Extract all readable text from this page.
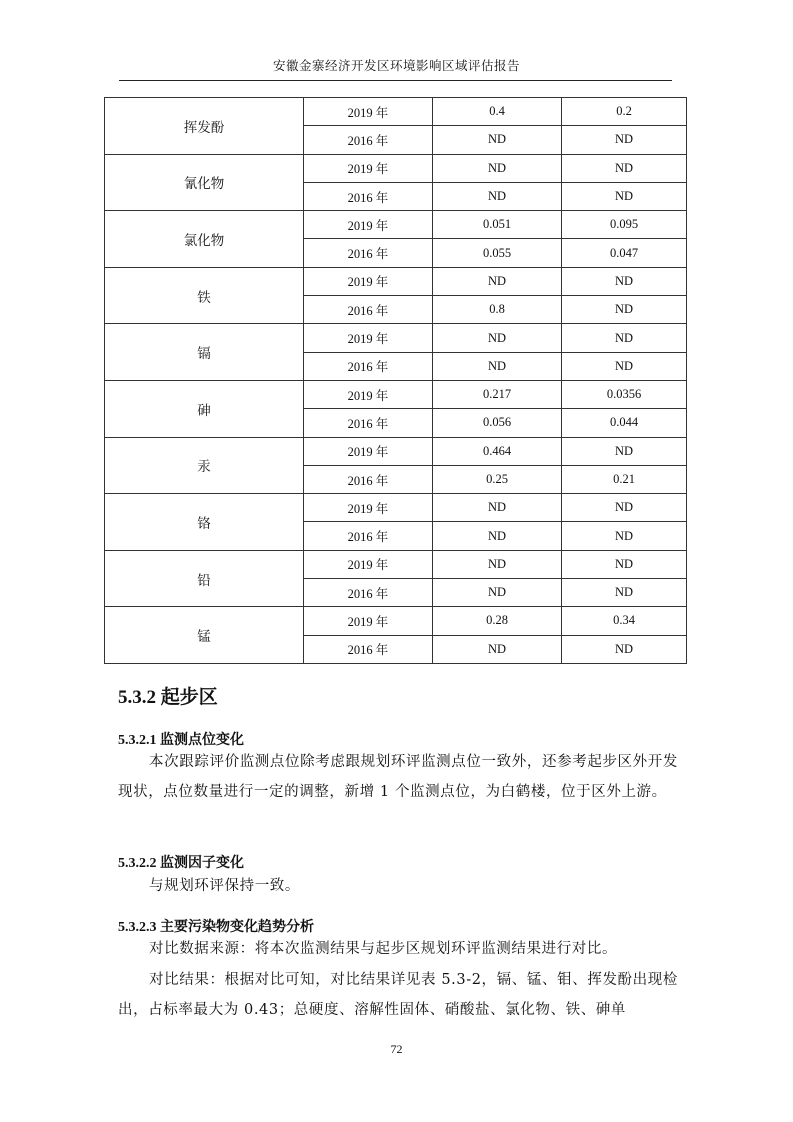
安徽金寨经济开发区环境影响区域评估报告
挥发酚	2019 年	0.4	0.2
	2016 年	ND	ND
氰化物	2019 年	ND	ND
	2016 年	ND	ND
氯化物	2019 年	0.051	0.095
	2016 年	0.055	0.047
铁	2019 年	ND	ND
	2016 年	0.8	ND
镉	2019 年	ND	ND
	2016 年	ND	ND
砷	2019 年	0.217	0.0356
	2016 年	0.056	0.044
汞	2019 年	0.464	ND
	2016 年	0.25	0.21
铬	2019 年	ND	ND
	2016 年	ND	ND
铅	2019 年	ND	ND
	2016 年	ND	ND
锰	2019 年	0.28	0.34
	2016 年	ND	ND
5.3.2 起步区
5.3.2.1 监测点位变化

本次跟踪评价监测点位除考虑跟规划环评监测点位一致外，还参考起步区外开发现状，点位数量进行一定的调整，新增 1 个监测点位，为白鹤楼，位于区外上游。

5.3.2.2 监测因子变化

与规划环评保持一致。

5.3.2.3 主要污染物变化趋势分析

对比数据来源：将本次监测结果与起步区规划环评监测结果进行对比。

对比结果：根据对比可知，对比结果详见表 5.3-2，镉、锰、钼、挥发酚出现检出，占标率最大为 0.43；总硬度、溶解性固体、硝酸盐、氯化物、铁、砷单

72
